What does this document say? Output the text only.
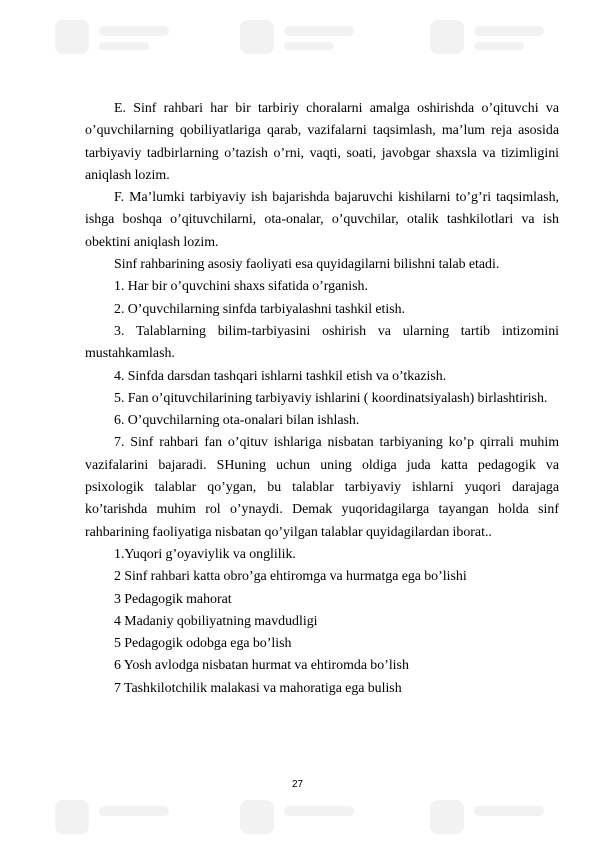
E. Sinf rahbari har bir tarbiriy choralarni amalga oshirishda o’qituvchi va o’quvchilarning qobiliyatlariga qarab, vazifalarni taqsimlash, ma’lum reja asosida tarbiyaviy tadbirlarning o’tazish o’rni, vaqti, soati, javobgar shaxsla va tizimligini aniqlash lozim.

F. Ma’lumki tarbiyaviy ish bajarishda bajaruvchi kishilarni to’g’ri taqsimlash, ishga boshqa o’qituvchilarni, ota-onalar, o’quvchilar, otalik tashkilotlari va ish obektini aniqlash lozim.

Sinf rahbarining asosiy faoliyati esa quyidagilarni bilishni talab etadi.

1. Har bir o’quvchini shaxs sifatida o’rganish.

2. O’quvchilarning sinfda tarbiyalashni tashkil etish.

3. Talablarning bilim-tarbiyasini oshirish va ularning tartib intizomini mustahkamlash.

4. Sinfda darsdan tashqari ishlarni tashkil etish va o’tkazish.

5. Fan o’qituvchilarining tarbiyaviy ishlarini ( koordinatsiyalash) birlashtirish.

6. O’quvchilarning ota-onalari bilan ishlash.

7. Sinf rahbari fan o’qituv ishlariga nisbatan tarbiyaning ko’p qirrali muhim vazifalarini bajaradi. SHuning uchun uning oldiga juda katta pedagogik va psixologik talablar qo’ygan, bu talablar tarbiyaviy ishlarni yuqori darajaga ko’tarishda muhim rol o’ynaydi. Demak yuqoridagilarga tayangan holda sinf rahbarining faoliyatiga nisbatan qo’yilgan talablar quyidagilardan iborat..

1.Yuqori g’oyaviylik va onglilik.

2 Sinf rahbari katta obro’ga ehtiromga va hurmatga ega bo’lishi

3 Pedagogik mahorat

4 Madaniy qobiliyatning mavdudligi

5 Pedagogik odobga ega bo’lish

6 Yosh avlodga nisbatan hurmat va ehtiromda bo’lish

7 Tashkilotchilik malakasi va mahoratiga ega bulish

27
